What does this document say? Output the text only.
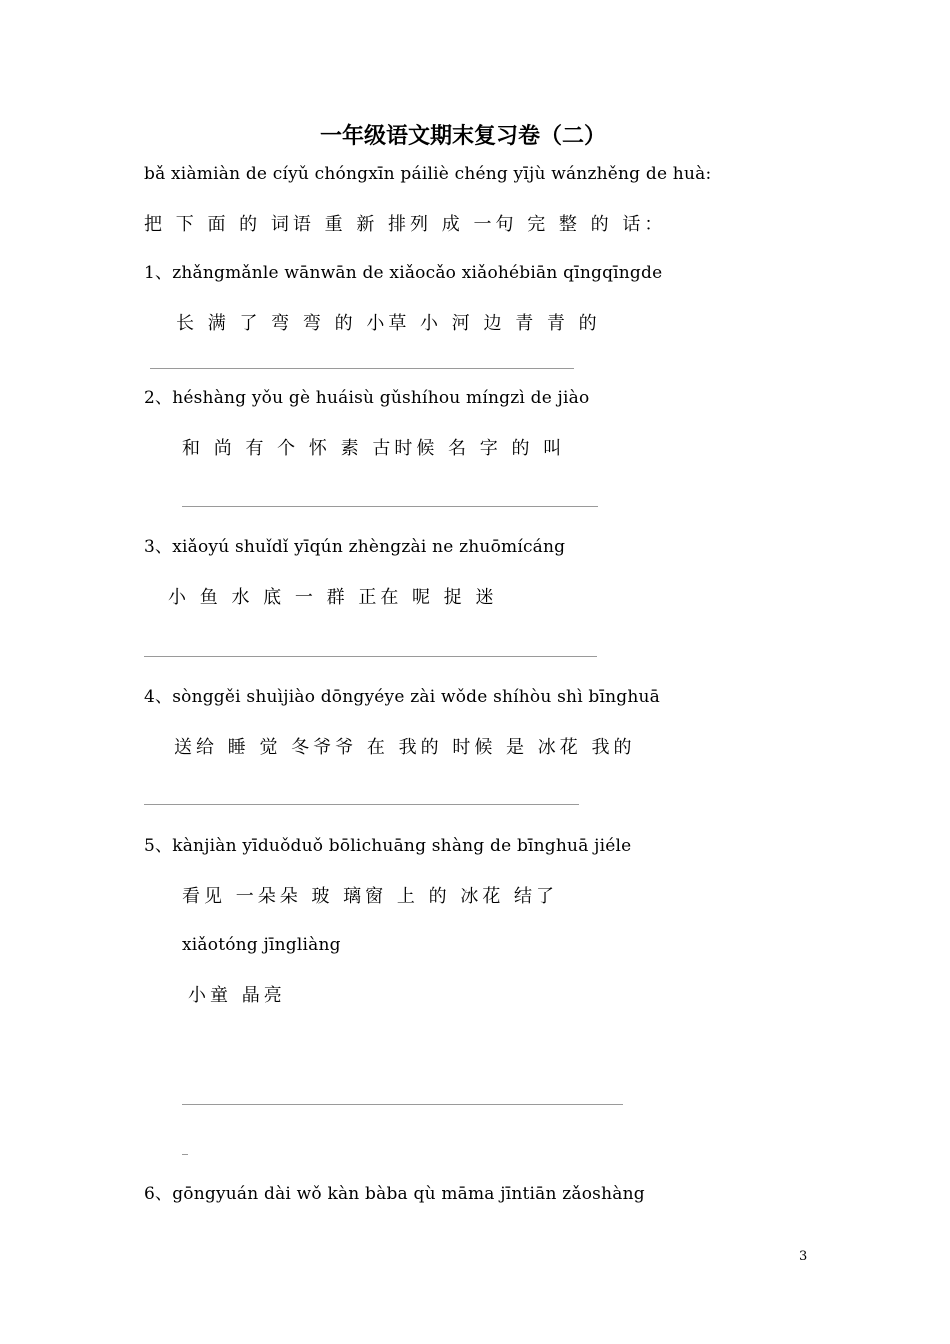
一年级语文期末复习卷（二）
bǎ xiàmiàn de cíyǔ chóngxīn páiliè chéng yījù wánzhěng de huà:
把 下 面 的 词语 重 新 排列 成 一句 完 整 的 话：
1、zhǎngmǎnle wānwān de xiǎocǎo xiǎohébiān qīngqīngde
长 满 了 弯 弯 的 小草 小 河 边 青 青 的
2、héshàng yǒu gè huáisù gǔshíhou míngzì de jiào
和 尚 有 个 怀 素 古时候 名 字 的 叫
3、xiǎoyú shuǐdǐ yīqún zhèngzài ne zhuōmícáng
小 鱼 水 底 一 群 正在 呢 捉 迷
4、sònggěi shuìjiào dōngyéye zài wǒde shíhòu shì bīnghuā
送给 睡 觉 冬爷爷 在 我的 时候 是 冰花 我的
5、kànjiàn yīduǒduǒ bōlichuāng shàng de bīnghuā jiéle
看见 一朵朵 玻 璃窗 上 的 冰花 结了
xiǎotóng jīngliàng
小童 晶亮
6、gōngyuán dài wǒ kàn bàba qù māma jīntiān zǎoshàng
3
